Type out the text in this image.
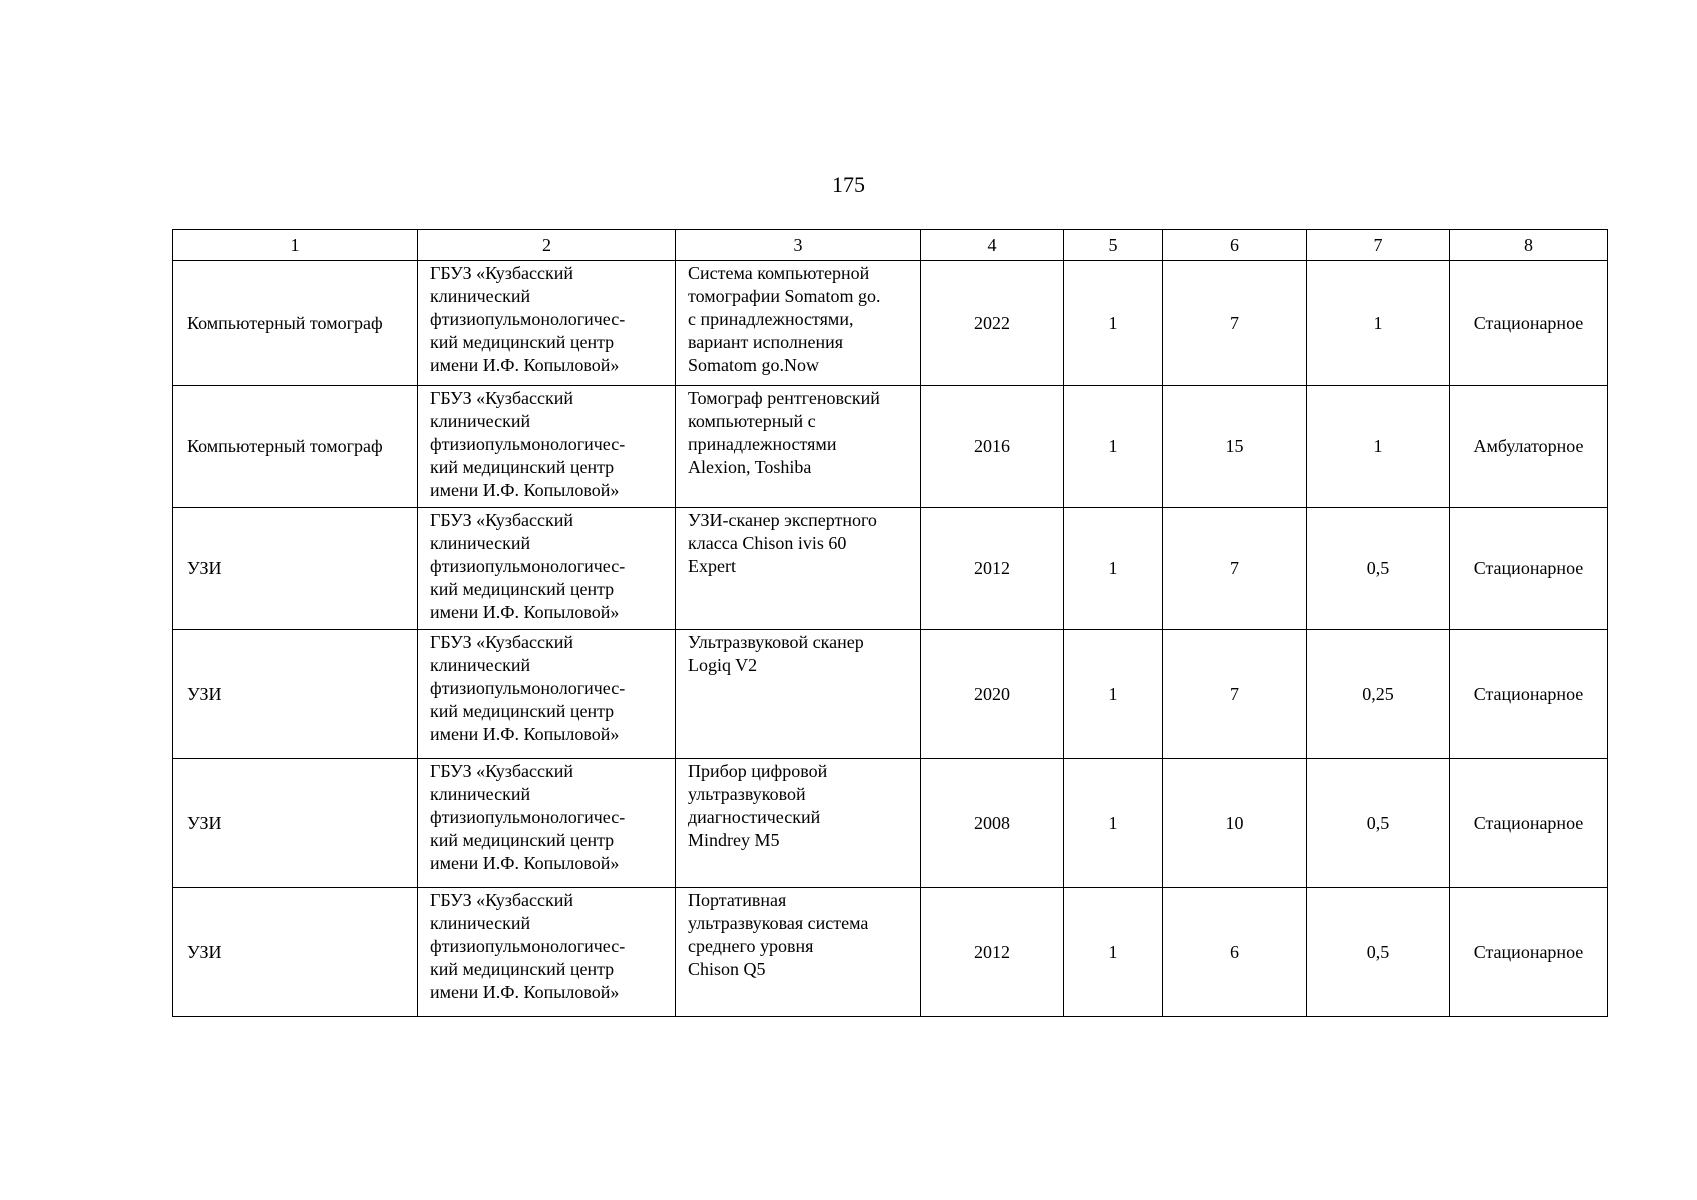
175
1	2	3	4	5	6	7	8
Компьютерный томограф	ГБУЗ «Кузбасский
клинический
фтизиопульмонологичес-
кий медицинский центр
имени И.Ф. Копыловой»	Система компьютерной
томографии Somatom go.
с принадлежностями,
вариант исполнения
Somatom go.Now	2022	1	7	1	Стационарное
Компьютерный томограф	ГБУЗ «Кузбасский
клинический
фтизиопульмонологичес-
кий медицинский центр
имени И.Ф. Копыловой»	Томограф рентгеновский
компьютерный с
принадлежностями
Alexion, Toshiba	2016	1	15	1	Амбулаторное
УЗИ	ГБУЗ «Кузбасский
клинический
фтизиопульмонологичес-
кий медицинский центр
имени И.Ф. Копыловой»	УЗИ-сканер экспертного
класса Chison ivis 60
Expert	2012	1	7	0,5	Стационарное
УЗИ	ГБУЗ «Кузбасский
клинический
фтизиопульмонологичес-
кий медицинский центр
имени И.Ф. Копыловой»	Ультразвуковой сканер
Logiq V2	2020	1	7	0,25	Стационарное
УЗИ	ГБУЗ «Кузбасский
клинический
фтизиопульмонологичес-
кий медицинский центр
имени И.Ф. Копыловой»	Прибор цифровой
ультразвуковой
диагностический
Mindrey M5	2008	1	10	0,5	Стационарное
УЗИ	ГБУЗ «Кузбасский
клинический
фтизиопульмонологичес-
кий медицинский центр
имени И.Ф. Копыловой»	Портативная
ультразвуковая система
среднего уровня
Chison Q5	2012	1	6	0,5	Стационарное
